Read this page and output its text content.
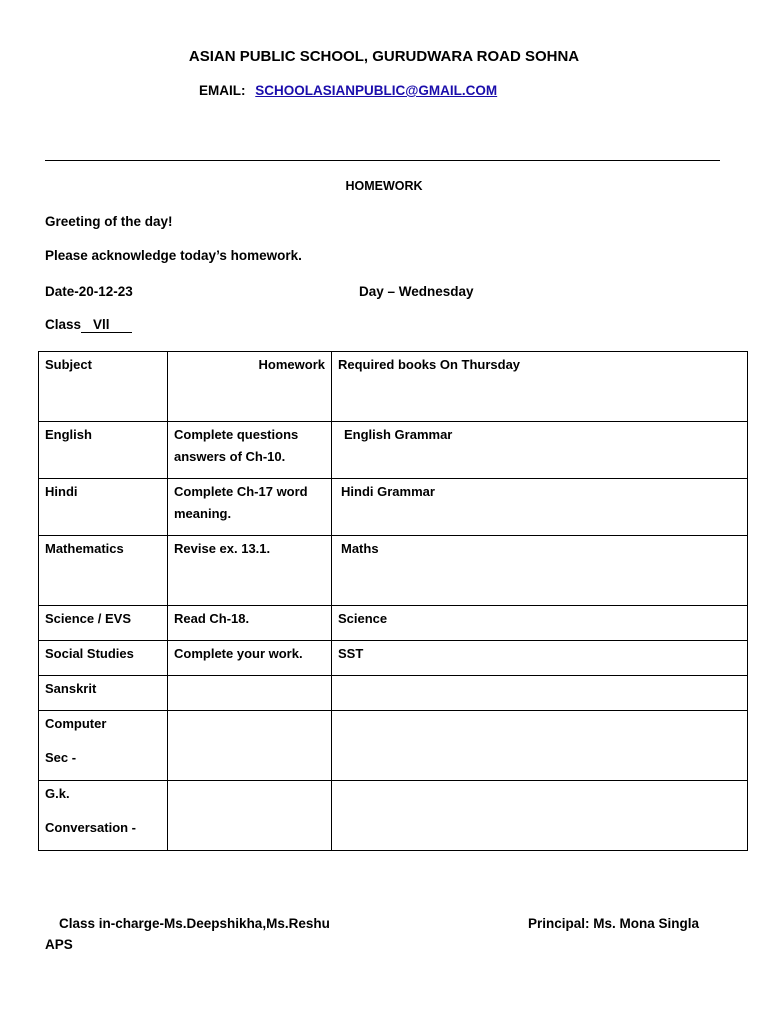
ASIAN PUBLIC SCHOOL, GURUDWARA ROAD SOHNA
EMAIL: SCHOOLASIANPUBLIC@GMAIL.COM
HOMEWORK
Greeting of the day!
Please acknowledge today’s homework.
Date-20-12-23	Day – Wednesday
Class Vll
Subject	Homework	Required books On Thursday
English	Complete questions answers of Ch-10.	English Grammar
Hindi	Complete Ch-17 word meaning.	Hindi Grammar
Mathematics	Revise ex. 13.1.	Maths
Science / EVS	Read Ch-18.	Science
Social Studies	Complete your work.	SST
Sanskrit		
Computer
Sec -		

G.k.
Conversation -		

Class in-charge-Ms.Deepshikha,Ms.Reshu	Principal: Ms. Mona Singla
APS
